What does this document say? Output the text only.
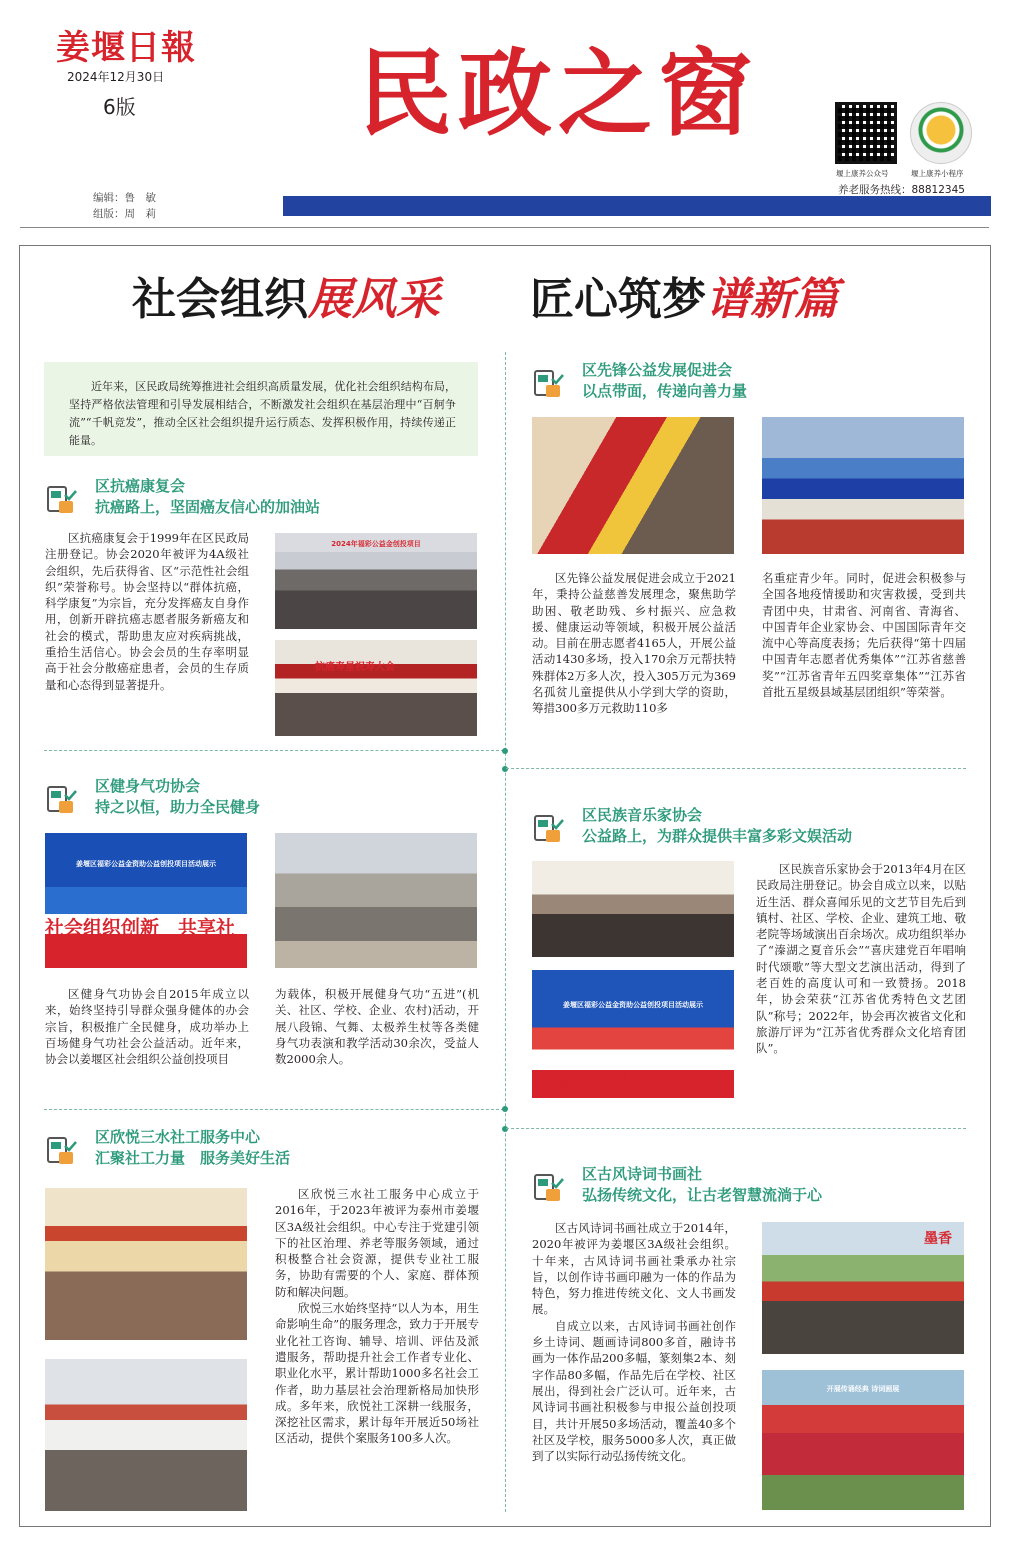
姜堰日報
2024年12月30日
6版 民政之窗
堰上康养公众号	堰上康养小程序
养老服务热线：88812345
编辑：鲁　敏
组版：周　莉
社会组织展风采 匠心筑梦谱新篇
近年来，区民政局统筹推进社会组织高质量发展，优化社会组织结构布局，坚持严格依法管理和引导发展相结合，不断激发社会组织在基层治理中“百舸争流”“千帆竞发”，推动全区社会组织提升运行质态、发挥积极作用，持续传递正能量。
区抗癌康复会
抗癌路上，坚固癌友信心的加油站
区抗癌康复会于1999年在区民政局注册登记。协会2020年被评为4A级社会组织，先后获得省、区“示范性社会组织”荣誉称号。协会坚持以“群体抗癌，科学康复”为宗旨，充分发挥癌友自身作用，创新开辟抗癌志愿者服务新癌友和社会的模式，帮助患友应对疾病挑战，重拾生活信心。协会会员的生存率明显高于社会分散癌症患者，会员的生存质量和心态得到显著提升。
2024年福彩公益金创投项目
抗癌寿星祝寿大会
区健身气功协会
持之以恒，助力全民健身
姜堰区福彩公益金资助公益创投项目活动展示
社会组织创新　共享社
区健身气功协会自2015年成立以来，始终坚持引导群众强身健体的办会宗旨，积极推广全民健身，成功举办上百场健身气功社会公益活动。近年来，协会以姜堰区社会组织公益创投项目
为载体，积极开展健身气功“五进”(机关、社区、学校、企业、农村)活动，开展八段锦、气舞、太极养生杖等各类健身气功表演和教学活动30余次，受益人数2000余人。
区欣悦三水社工服务中心
汇聚社工力量　服务美好生活

区欣悦三水社工服务中心成立于2016年，于2023年被评为泰州市姜堰区3A级社会组织。中心专注于党建引领下的社区治理、养老等服务领域，通过积极整合社会资源，提供专业社工服务，协助有需要的个人、家庭、群体预防和解决问题。

欣悦三水始终坚持“以人为本，用生命影响生命”的服务理念，致力于开展专业化社工咨询、辅导、培训、评估及派遣服务，帮助提升社会工作者专业化、职业化水平，累计帮助1000多名社会工作者，助力基层社会治理新格局加快形成。多年来，欣悦社工深耕一线服务，深挖社区需求，累计每年开展近50场社区活动，提供个案服务100多人次。

区先锋公益发展促进会
以点带面，传递向善力量
区先锋公益发展促进会成立于2021年，秉持公益慈善发展理念，聚焦助学助困、敬老助残、乡村振兴、应急救援、健康运动等领域，积极开展公益活动。目前在册志愿者4165人，开展公益活动1430多场，投入170余万元帮扶特殊群体2万多人次，投入305万元为369名孤贫儿童提供从小学到大学的资助，筹措300多万元救助110多
名重症青少年。同时，促进会积极参与全国各地疫情援助和灾害救援，受到共青团中央，甘肃省、河南省、青海省、中国青年企业家协会、中国国际青年交流中心等高度表扬；先后获得“第十四届中国青年志愿者优秀集体”“江苏省慈善奖”“江苏省青年五四奖章集体”“江苏省首批五星级县域基层团组织”等荣誉。
区民族音乐家协会
公益路上，为群众提供丰富多彩文娱活动
姜堰区福彩公益金资助公益创投项目活动展示
织创新　共享
区民族音乐家协会于2013年4月在区民政局注册登记。协会自成立以来，以贴近生活、群众喜闻乐见的文艺节目先后到镇村、社区、学校、企业、建筑工地、敬老院等场域演出百余场次。成功组织举办了“溱湖之夏音乐会”“喜庆建党百年唱响时代颂歌”等大型文艺演出活动，得到了老百姓的高度认可和一致赞扬。2018年，协会荣获“江苏省优秀特色文艺团队”称号；2022年，协会再次被省文化和旅游厅评为“江苏省优秀群众文化培育团队”。
区古风诗词书画社
弘扬传统文化，让古老智慧流淌于心

区古风诗词书画社成立于2014年，2020年被评为姜堰区3A级社会组织。十年来，古风诗词书画社秉承办社宗旨，以创作诗书画印融为一体的作品为特色，努力推进传统文化、文人书画发展。

自成立以来，古风诗词书画社创作乡土诗词、题画诗词800多首，融诗书画为一体作品200多幅，篆刻集2本、刻字作品80多幅，作品先后在学校、社区展出，得到社会广泛认可。近年来，古风诗词书画社积极参与申报公益创投项目，共计开展50多场活动，覆盖40多个社区及学校，服务5000多人次，真正做到了以实际行动弘扬传统文化。

墨香
开展传诵经典 诗词画展
